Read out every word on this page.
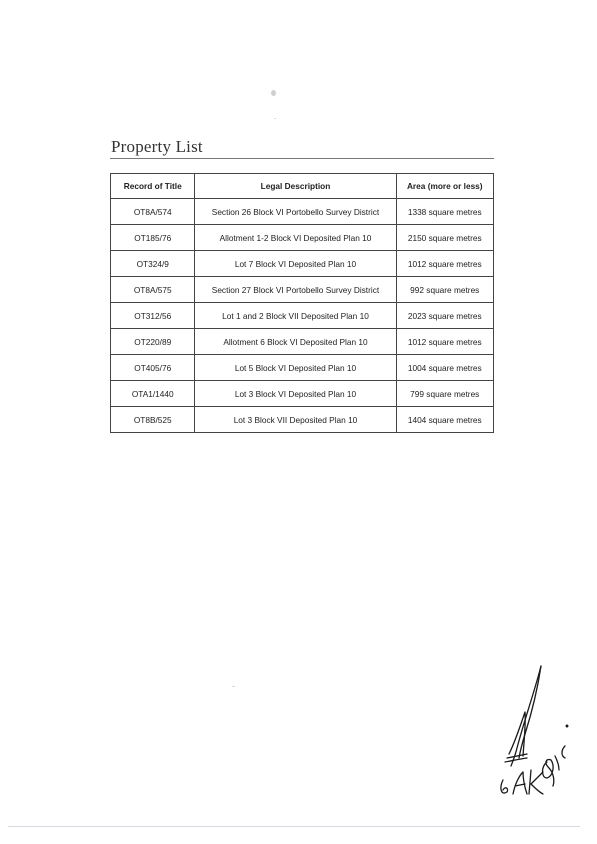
Property List
Record of Title	Legal Description	Area (more or less)
OT8A/574	Section 26 Block VI Portobello Survey District	1338 square metres
OT185/76	Allotment 1-2 Block VI Deposited Plan 10	2150 square metres
OT324/9	Lot 7 Block VI Deposited Plan 10	1012 square metres
OT8A/575	Section 27 Block VI Portobello Survey District	992 square metres
OT312/56	Lot 1 and 2 Block VII Deposited Plan 10	2023 square metres
OT220/89	Allotment 6 Block VI Deposited Plan 10	1012 square metres
OT405/76	Lot 5 Block VI Deposited Plan 10	1004 square metres
OTA1/1440	Lot 3 Block VI Deposited Plan 10	799 square metres
OT8B/525	Lot 3 Block VII Deposited Plan 10	1404 square metres
